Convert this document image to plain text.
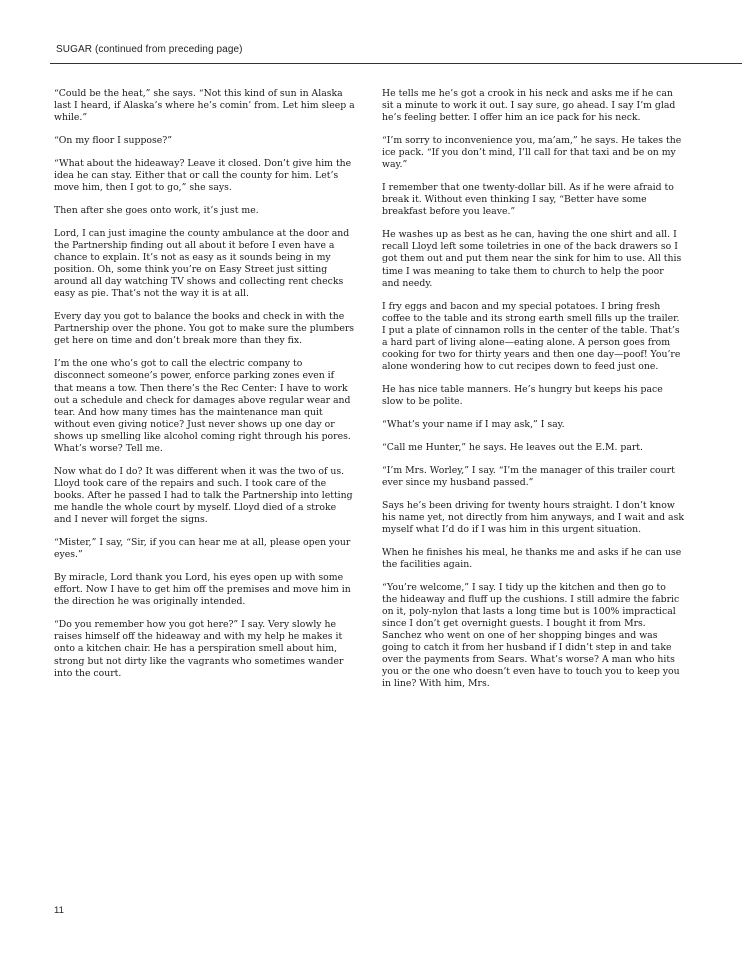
SUGAR (continued from preceding page)

“Could be the heat,” she says. “Not this kind of sun in Alaska last I heard, if Alaska’s where he’s comin’ from. Let him sleep a while.”

“On my floor I suppose?”

“What about the hideaway? Leave it closed. Don’t give him the idea he can stay. Either that or call the county for him. Let’s move him, then I got to go,” she says.

Then after she goes onto work, it’s just me.

Lord, I can just imagine the county ambulance at the door and the Partnership finding out all about it before I even have a chance to explain. It’s not as easy as it sounds being in my position. Oh, some think you’re on Easy Street just sitting around all day watching TV shows and collecting rent checks easy as pie. That’s not the way it is at all.

Every day you got to balance the books and check in with the Partnership over the phone. You got to make sure the plumbers get here on time and don’t break more than they fix.

I’m the one who’s got to call the electric company to disconnect someone’s power, enforce parking zones even if that means a tow. Then there’s the Rec Center: I have to work out a schedule and check for damages above regular wear and tear. And how many times has the maintenance man quit without even giving notice? Just never shows up one day or shows up smelling like alcohol coming right through his pores. What’s worse? Tell me.

Now what do I do? It was different when it was the two of us. Lloyd took care of the repairs and such. I took care of the books. After he passed I had to talk the Partnership into letting me handle the whole court by myself. Lloyd died of a stroke and I never will forget the signs.

“Mister,” I say, “Sir, if you can hear me at all, please open your eyes.”

By miracle, Lord thank you Lord, his eyes open up with some effort. Now I have to get him off the premises and move him in the direction he was originally intended.

“Do you remember how you got here?” I say. Very slowly he raises himself off the hideaway and with my help he makes it onto a kitchen chair. He has a perspiration smell about him, strong but not dirty like the vagrants who sometimes wander into the court.

He tells me he’s got a crook in his neck and asks me if he can sit a minute to work it out. I say sure, go ahead. I say I’m glad he’s feeling better. I offer him an ice pack for his neck.

“I’m sorry to inconvenience you, ma’am,” he says. He takes the ice pack. “If you don’t mind, I’ll call for that taxi and be on my way.”

I remember that one twenty-dollar bill. As if he were afraid to break it. Without even thinking I say, “Better have some breakfast before you leave.”

He washes up as best as he can, having the one shirt and all. I recall Lloyd left some toiletries in one of the back drawers so I got them out and put them near the sink for him to use. All this time I was meaning to take them to church to help the poor and needy.

I fry eggs and bacon and my special potatoes. I bring fresh coffee to the table and its strong earth smell fills up the trailer. I put a plate of cinnamon rolls in the center of the table. That’s a hard part of living alone—eating alone. A person goes from cooking for two for thirty years and then one day—poof! You’re alone wondering how to cut recipes down to feed just one.

He has nice table manners. He’s hungry but keeps his pace slow to be polite.

“What’s your name if I may ask,” I say.

“Call me Hunter,” he says. He leaves out the E.M. part.

“I’m Mrs. Worley,” I say. “I’m the manager of this trailer court ever since my husband passed.”

Says he’s been driving for twenty hours straight. I don’t know his name yet, not directly from him anyways, and I wait and ask myself what I’d do if I was him in this urgent situation.

When he finishes his meal, he thanks me and asks if he can use the facilities again.

“You’re welcome,” I say. I tidy up the kitchen and then go to the hideaway and fluff up the cushions. I still admire the fabric on it, poly-nylon that lasts a long time but is 100% impractical since I don’t get overnight guests. I bought it from Mrs. Sanchez who went on one of her shopping binges and was going to catch it from her husband if I didn’t step in and take over the payments from Sears. What’s worse? A man who hits you or the one who doesn’t even have to touch you to keep you in line? With him, Mrs.

11
